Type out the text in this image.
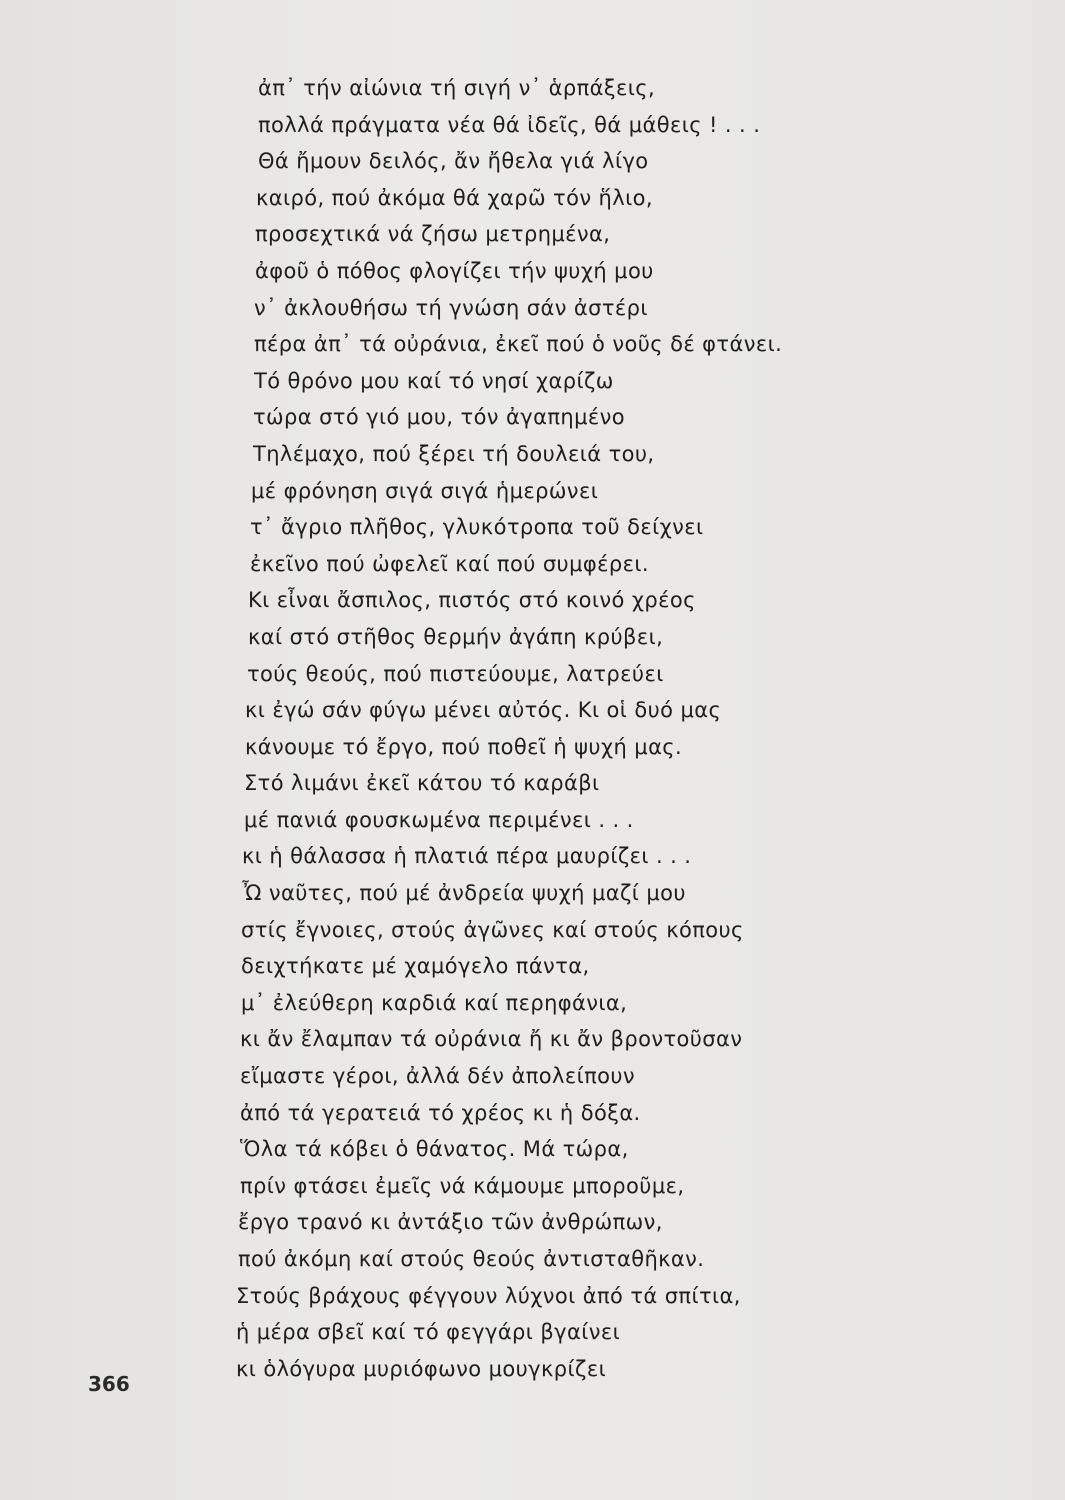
ἀπ᾽ τήν αἰώνια τή σιγή ν᾽ ἁρπάξεις,
πολλά πράγματα νέα θά ἰδεῖς, θά μάθεις ! . . .
Θά ἤμουν δειλός, ἄν ἤθελα γιά λίγο
καιρό, πού ἀκόμα θά χαρῶ τόν ἥλιο,
προσεχτικά νά ζήσω μετρημένα,
ἀφοῦ ὁ πόθος φλογίζει τήν ψυχή μου
ν᾽ ἀκλουθήσω τή γνώση σάν ἀστέρι
πέρα ἀπ᾽ τά οὐράνια, ἐκεῖ πού ὁ νοῦς δέ φτάνει.
Τό θρόνο μου καί τό νησί χαρίζω
τώρα στό γιό μου, τόν ἀγαπημένο
Τηλέμαχο, πού ξέρει τή δουλειά του,
μέ φρόνηση σιγά σιγά ἡμερώνει
τ᾽ ἄγριο πλῆθος, γλυκότροπα τοῦ δείχνει
ἐκεῖνο πού ὠφελεῖ καί πού συμφέρει.
Κι εἶναι ἄσπιλος, πιστός στό κοινό χρέος
καί στό στῆθος θερμήν ἀγάπη κρύβει,
τούς θεούς, πού πιστεύουμε, λατρεύει
κι ἐγώ σάν φύγω μένει αὐτός. Κι οἱ δυό μας
κάνουμε τό ἔργο, πού ποθεῖ ἡ ψυχή μας.
Στό λιμάνι ἐκεῖ κάτου τό καράβι
μέ πανιά φουσκωμένα περιμένει . . .
κι ἡ θάλασσα ἡ πλατιά πέρα μαυρίζει . . .
Ὦ ναῦτες, πού μέ ἀνδρεία ψυχή μαζί μου
στίς ἔγνοιες, στούς ἀγῶνες καί στούς κόπους
δειχτήκατε μέ χαμόγελο πάντα,
μ᾽ ἐλεύθερη καρδιά καί περηφάνια,
κι ἄν ἔλαμπαν τά οὐράνια ἤ κι ἄν βροντοῦσαν
εἴμαστε γέροι, ἀλλά δέν ἀπολείπουν
ἀπό τά γερατειά τό χρέος κι ἡ δόξα.
Ὅλα τά κόβει ὁ θάνατος. Μά τώρα,
πρίν φτάσει ἐμεῖς νά κάμουμε μποροῦμε,
ἔργο τρανό κι ἀντάξιο τῶν ἀνθρώπων,
πού ἀκόμη καί στούς θεούς ἀντισταθῆκαν.
Στούς βράχους φέγγουν λύχνοι ἀπό τά σπίτια,
ἡ μέρα σβεῖ καί τό φεγγάρι βγαίνει
κι ὁλόγυρα μυριόφωνο μουγκρίζει
366
